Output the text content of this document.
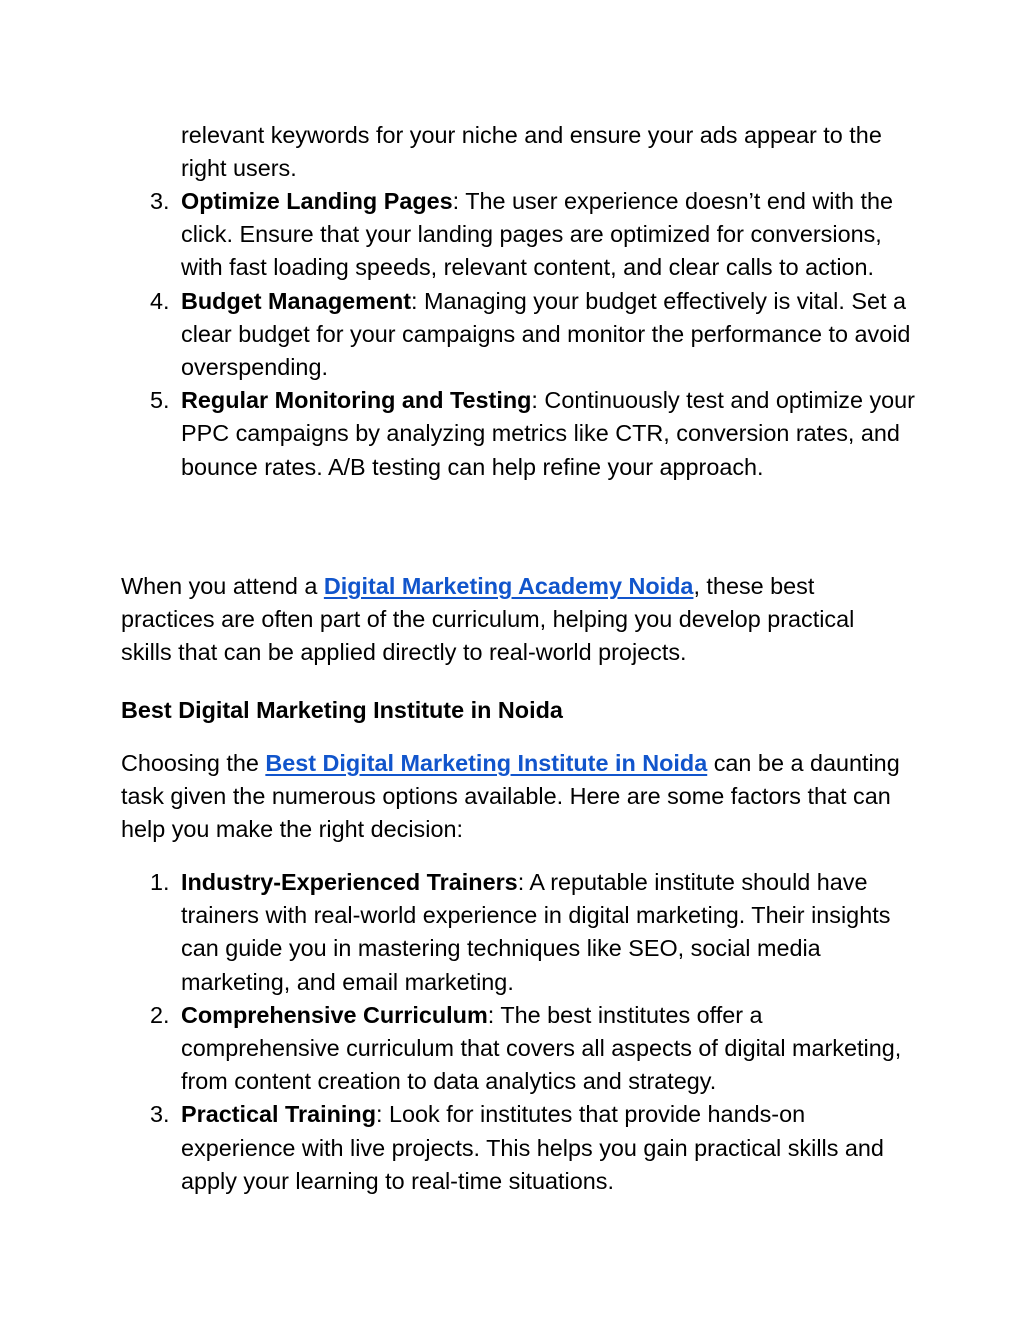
relevant keywords for your niche and ensure your ads appear to the right users.
3. Optimize Landing Pages: The user experience doesn’t end with the click. Ensure that your landing pages are optimized for conversions, with fast loading speeds, relevant content, and clear calls to action.
4. Budget Management: Managing your budget effectively is vital. Set a clear budget for your campaigns and monitor the performance to avoid overspending.
5. Regular Monitoring and Testing: Continuously test and optimize your PPC campaigns by analyzing metrics like CTR, conversion rates, and bounce rates. A/B testing can help refine your approach.

When you attend a Digital Marketing Academy Noida, these best practices are often part of the curriculum, helping you develop practical skills that can be applied directly to real-world projects.

Best Digital Marketing Institute in Noida

Choosing the Best Digital Marketing Institute in Noida can be a daunting task given the numerous options available. Here are some factors that can help you make the right decision:

1. Industry-Experienced Trainers: A reputable institute should have trainers with real-world experience in digital marketing. Their insights can guide you in mastering techniques like SEO, social media marketing, and email marketing.
2. Comprehensive Curriculum: The best institutes offer a comprehensive curriculum that covers all aspects of digital marketing, from content creation to data analytics and strategy.
3. Practical Training: Look for institutes that provide hands-on experience with live projects. This helps you gain practical skills and apply your learning to real-time situations.
